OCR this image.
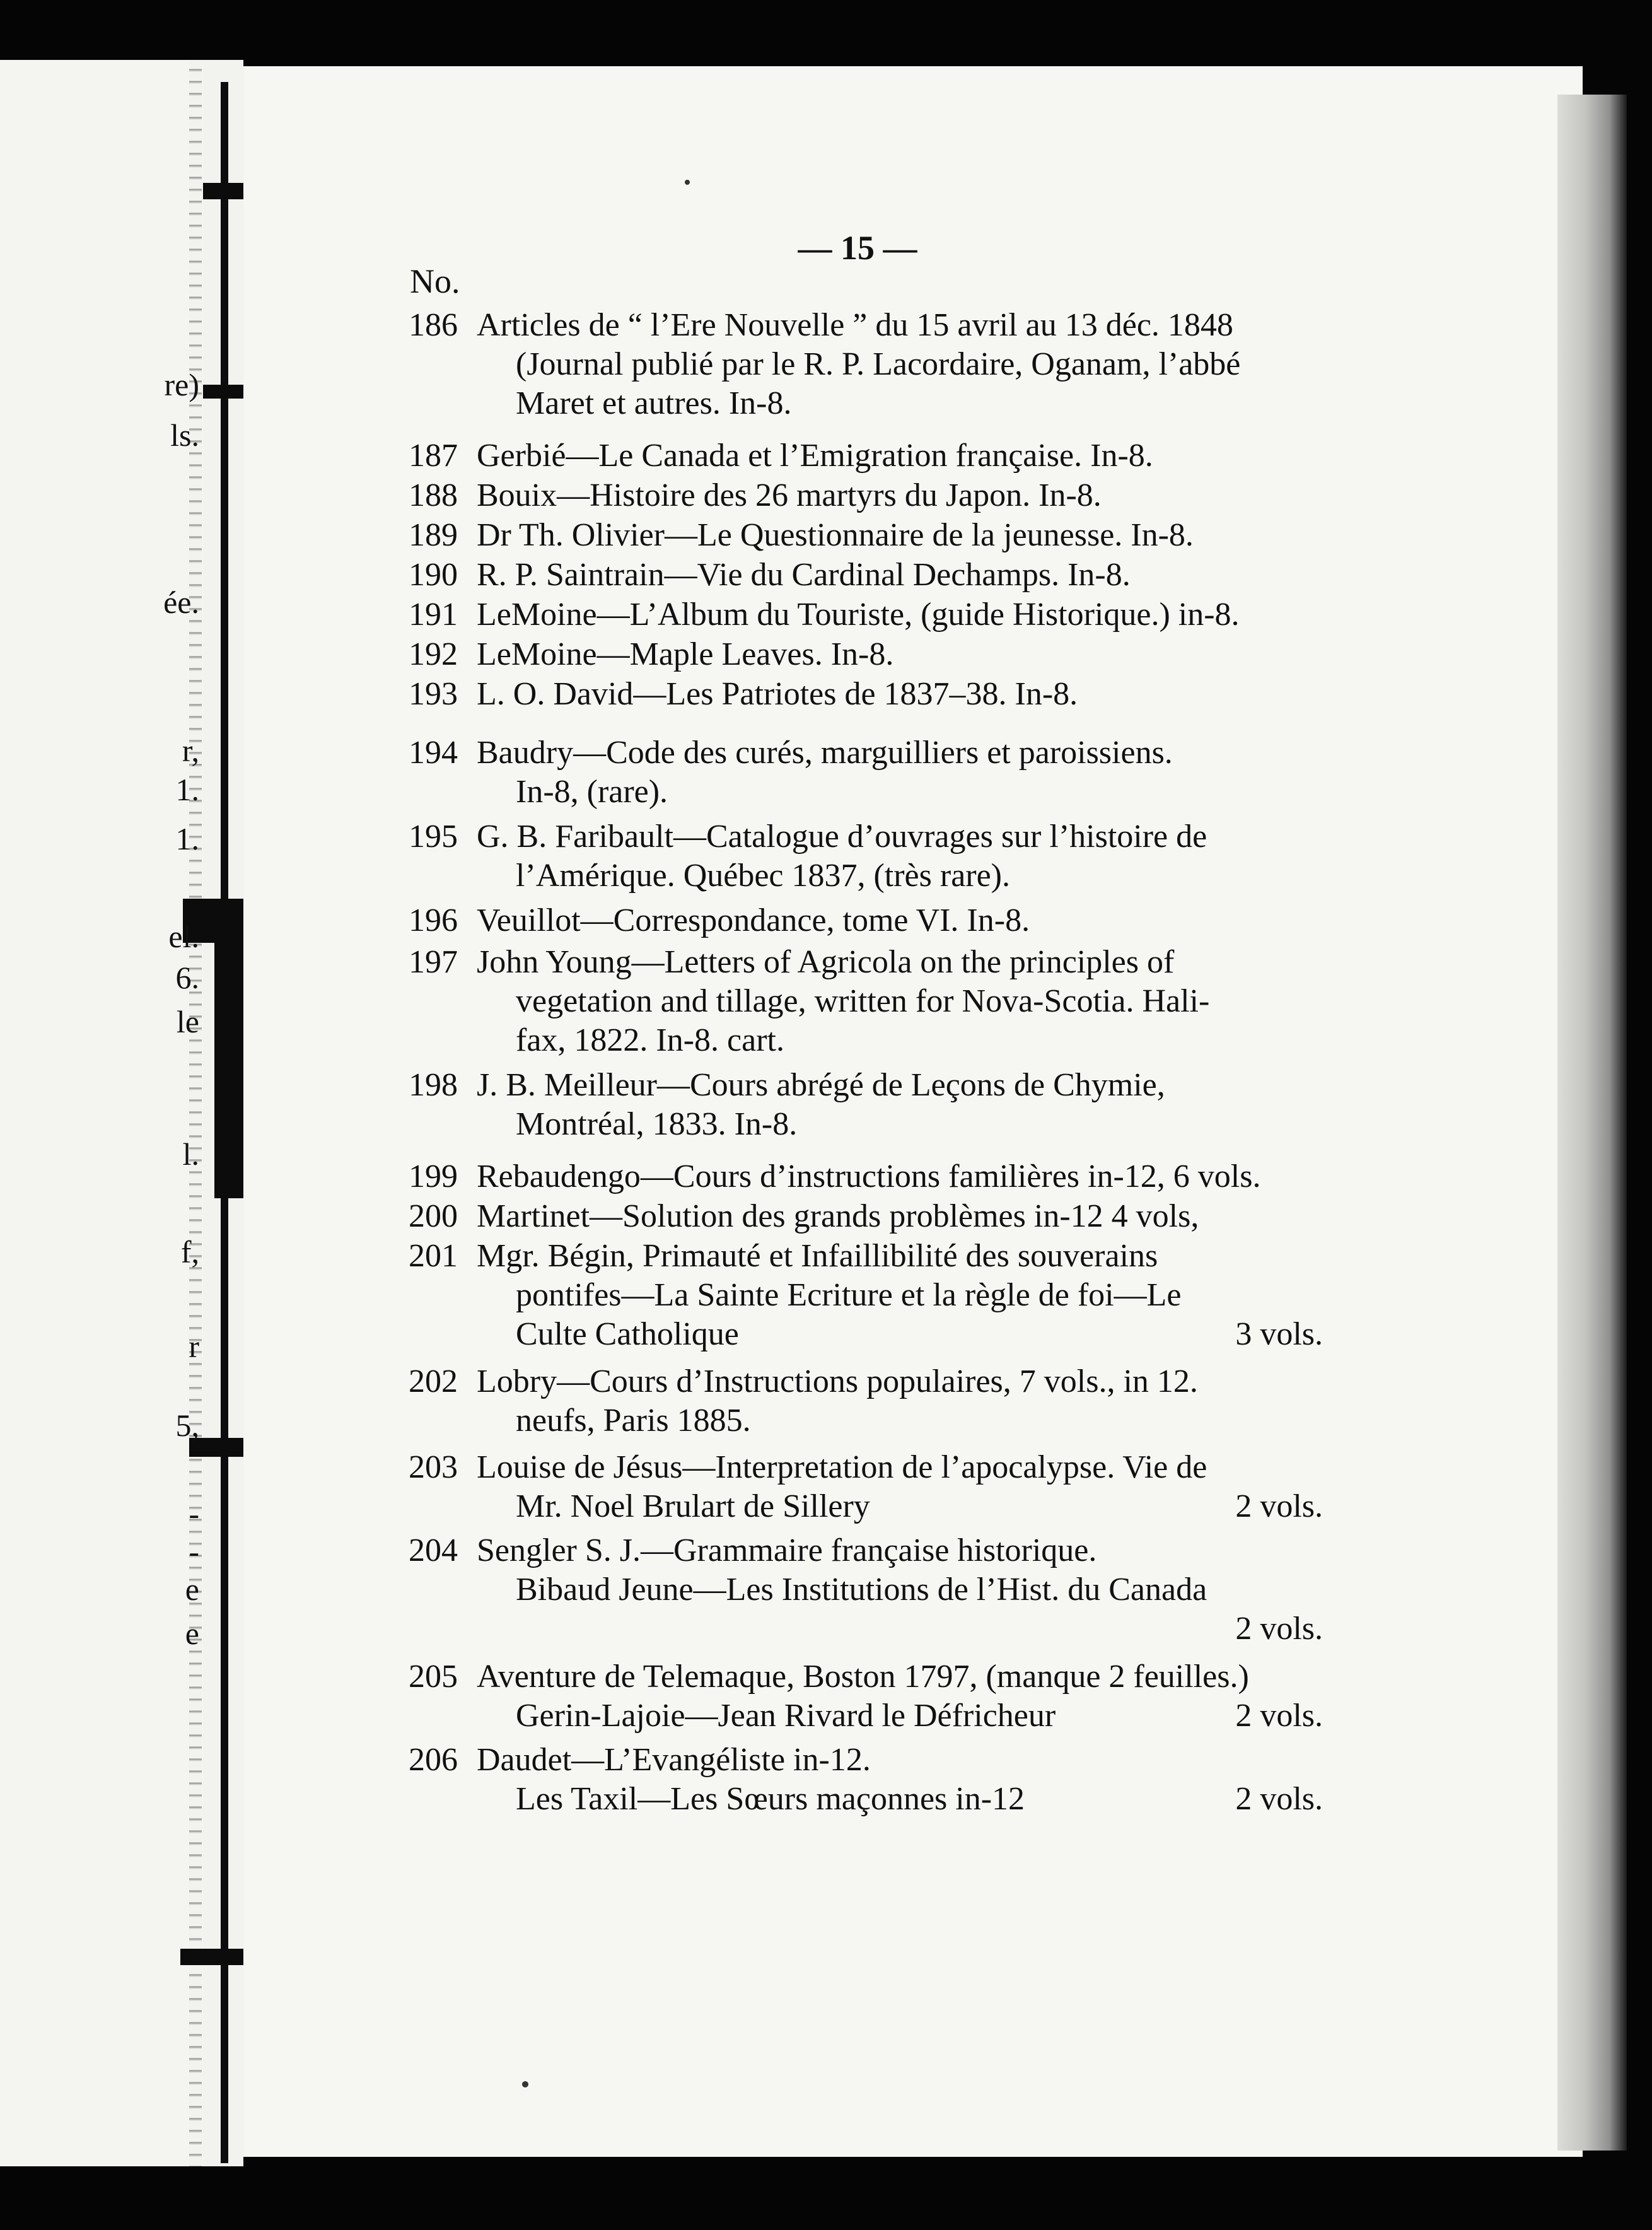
re)
ls.
ée.
r,
1.
1.
el.
6.
le
l.
f,
r
5,
-
-
e
e
— 15 —
No.
186 Articles de “ l’Ere Nouvelle ” du 15 avril au 13 déc. 1848
(Journal publié par le R. P. Lacordaire, Oganam, l’abbé
Maret et autres. In-8.
187 Gerbié—Le Canada et l’Emigration française. In-8.
188 Bouix—Histoire des 26 martyrs du Japon. In-8.
189 Dr Th. Olivier—Le Questionnaire de la jeunesse. In-8.
190 R. P. Saintrain—Vie du Cardinal Dechamps. In-8.
191 LeMoine—L’Album du Touriste, (guide Historique.) in-8.
192 LeMoine—Maple Leaves. In-8.
193 L. O. David—Les Patriotes de 1837–38. In-8.
194 Baudry—Code des curés, marguilliers et paroissiens.
In-8, (rare).
195 G. B. Faribault—Catalogue d’ouvrages sur l’histoire de
l’Amérique. Québec 1837, (très rare).
196 Veuillot—Correspondance, tome VI. In-8.
197 John Young—Letters of Agricola on the principles of
vegetation and tillage, written for Nova-Scotia. Hali-
fax, 1822. In-8. cart.
198 J. B. Meilleur—Cours abrégé de Leçons de Chymie,
Montréal, 1833. In-8.
199 Rebaudengo—Cours d’instructions familières in-12, 6 vols.
200 Martinet—Solution des grands problèmes in-12 4 vols,
201 Mgr. Bégin, Primauté et Infaillibilité des souverains
pontifes—La Sainte Ecriture et la règle de foi—Le
Culte Catholique	3 vols.
202 Lobry—Cours d’Instructions populaires, 7 vols., in 12.
neufs, Paris 1885.
203 Louise de Jésus—Interpretation de l’apocalypse. Vie de
Mr. Noel Brulart de Sillery	2 vols.
204 Sengler S. J.—Grammaire française historique.
Bibaud Jeune—Les Institutions de l’Hist. du Canada
2 vols.
205 Aventure de Telemaque, Boston 1797, (manque 2 feuilles.)
Gerin-Lajoie—Jean Rivard le Défricheur	2 vols.
206 Daudet—L’Evangéliste in-12.
Les Taxil—Les Sœurs maçonnes in-12	2 vols.
